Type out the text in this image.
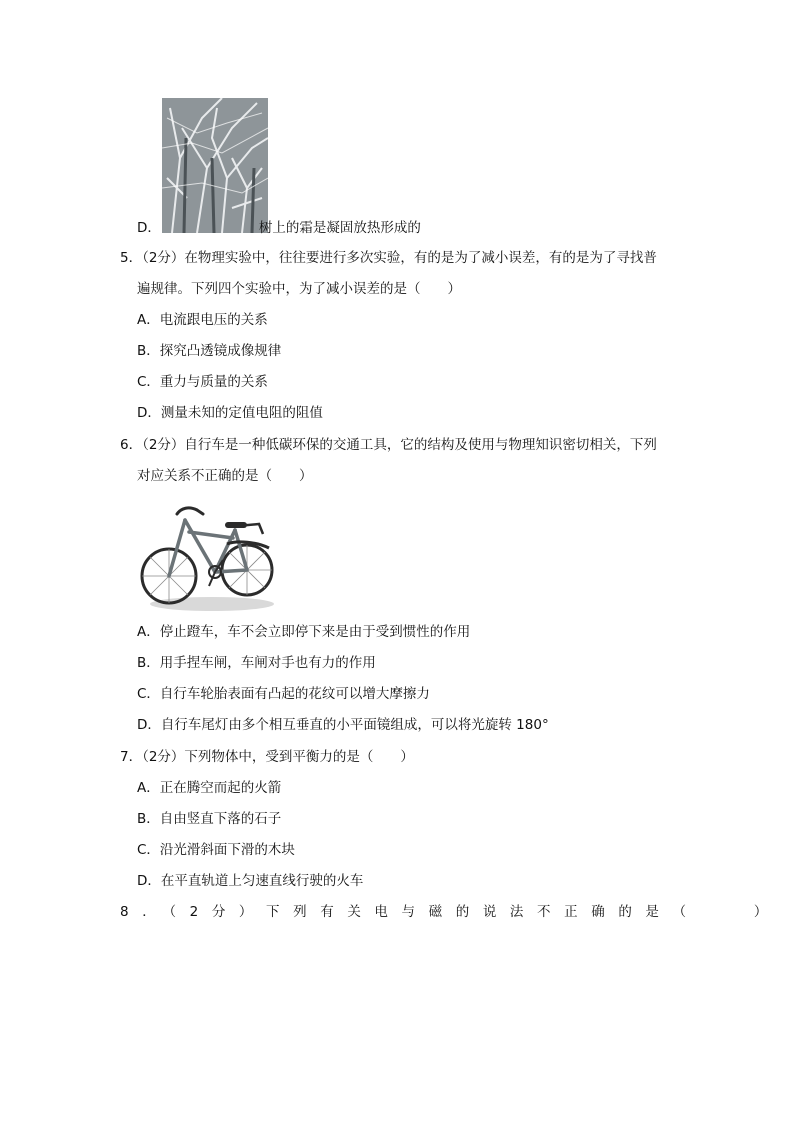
D．	树上的霜是凝固放热形成的
5．（2分）在物理实验中，往往要进行多次实验，有的是为了减小误差，有的是为了寻找普
遍规律。下列四个实验中，为了减小误差的是（　　）
A．电流跟电压的关系
B．探究凸透镜成像规律
C．重力与质量的关系
D．测量未知的定值电阻的阻值
6．（2分）自行车是一种低碳环保的交通工具，它的结构及使用与物理知识密切相关，下列
对应关系不正确的是（　　）
A．停止蹬车，车不会立即停下来是由于受到惯性的作用
B．用手捏车闸，车闸对手也有力的作用
C．自行车轮胎表面有凸起的花纹可以增大摩擦力
D．自行车尾灯由多个相互垂直的小平面镜组成，可以将光旋转 180°
7．（2分）下列物体中，受到平衡力的是（　　）
A．正在腾空而起的火箭
B．自由竖直下落的石子
C．沿光滑斜面下滑的木块
D．在平直轨道上匀速直线行驶的火车
8．（2分）下列有关电与磁的说法不正确的是（　　）
